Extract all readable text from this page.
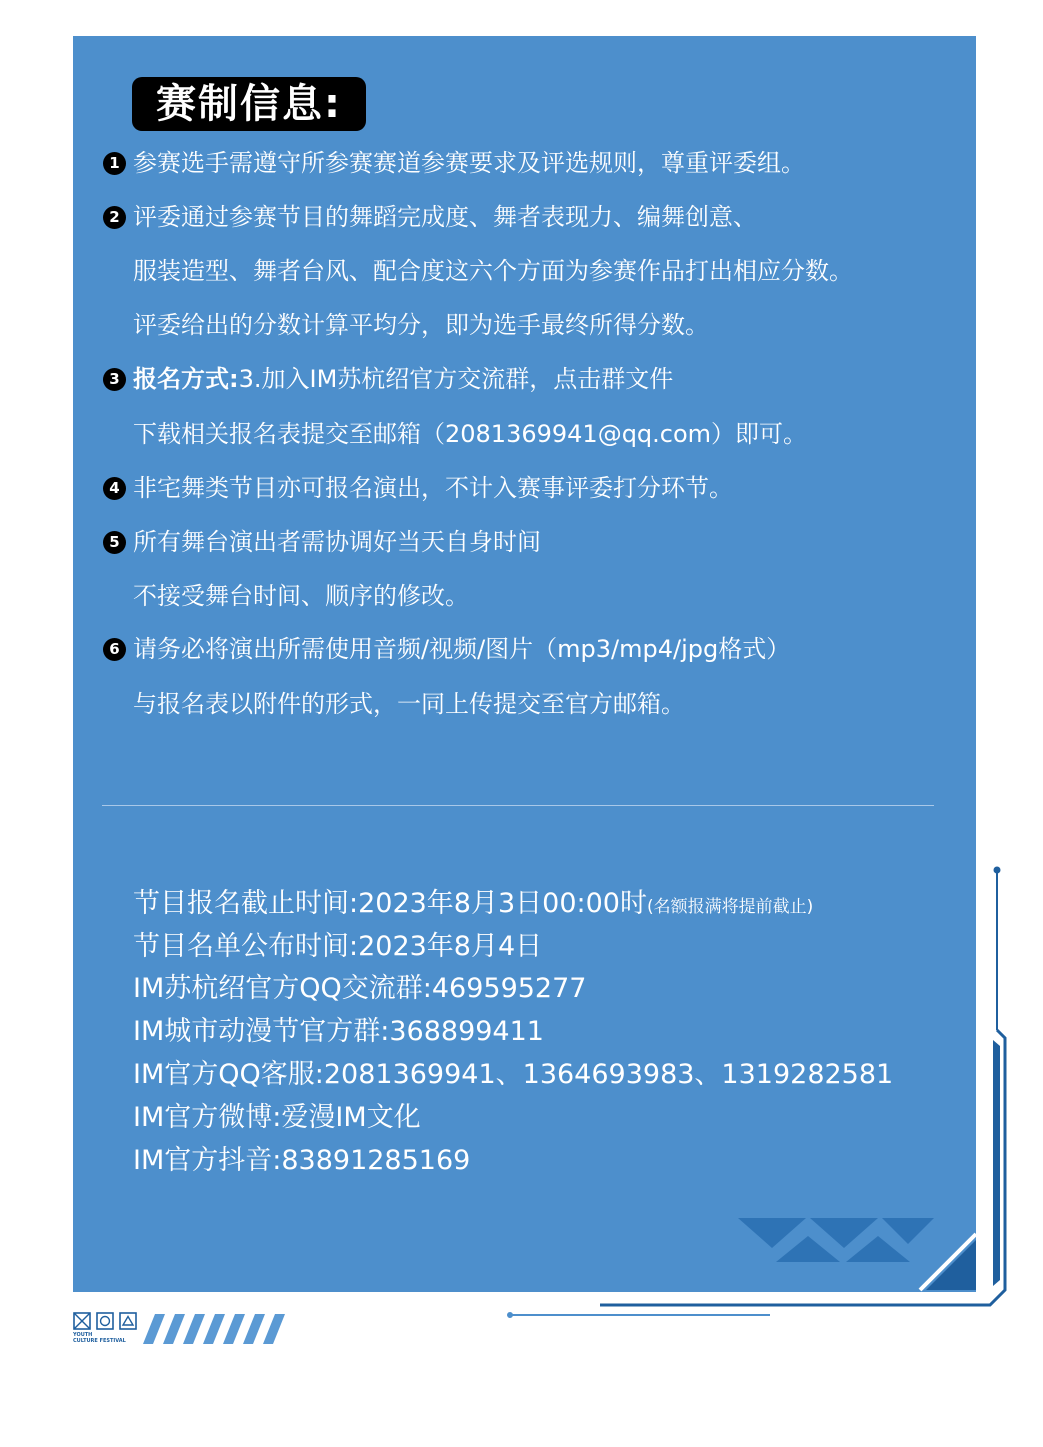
赛制信息:
1 参赛选手需遵守所参赛赛道参赛要求及评选规则，尊重评委组。
2 评委通过参赛节目的舞蹈完成度、舞者表现力、编舞创意、
服装造型、舞者台风、配合度这六个方面为参赛作品打出相应分数。
评委给出的分数计算平均分，即为选手最终所得分数。
3 报名方式:3.加入IM苏杭绍官方交流群，点击群文件
下载相关报名表提交至邮箱（2081369941@qq.com）即可。
4 非宅舞类节目亦可报名演出，不计入赛事评委打分环节。
5 所有舞台演出者需协调好当天自身时间
不接受舞台时间、顺序的修改。
6 请务必将演出所需使用音频/视频/图片（mp3/mp4/jpg格式）
与报名表以附件的形式，一同上传提交至官方邮箱。
节目报名截止时间:2023年8月3日00:00时(名额报满将提前截止)
节目名单公布时间:2023年8月4日
IM苏杭绍官方QQ交流群:469595277
IM城市动漫节官方群:368899411
IM官方QQ客服:2081369941、1364693983、1319282581
IM官方微博:爱漫IM文化
IM官方抖音:83891285169
YOUTH
CULTURE FESTIVAL
